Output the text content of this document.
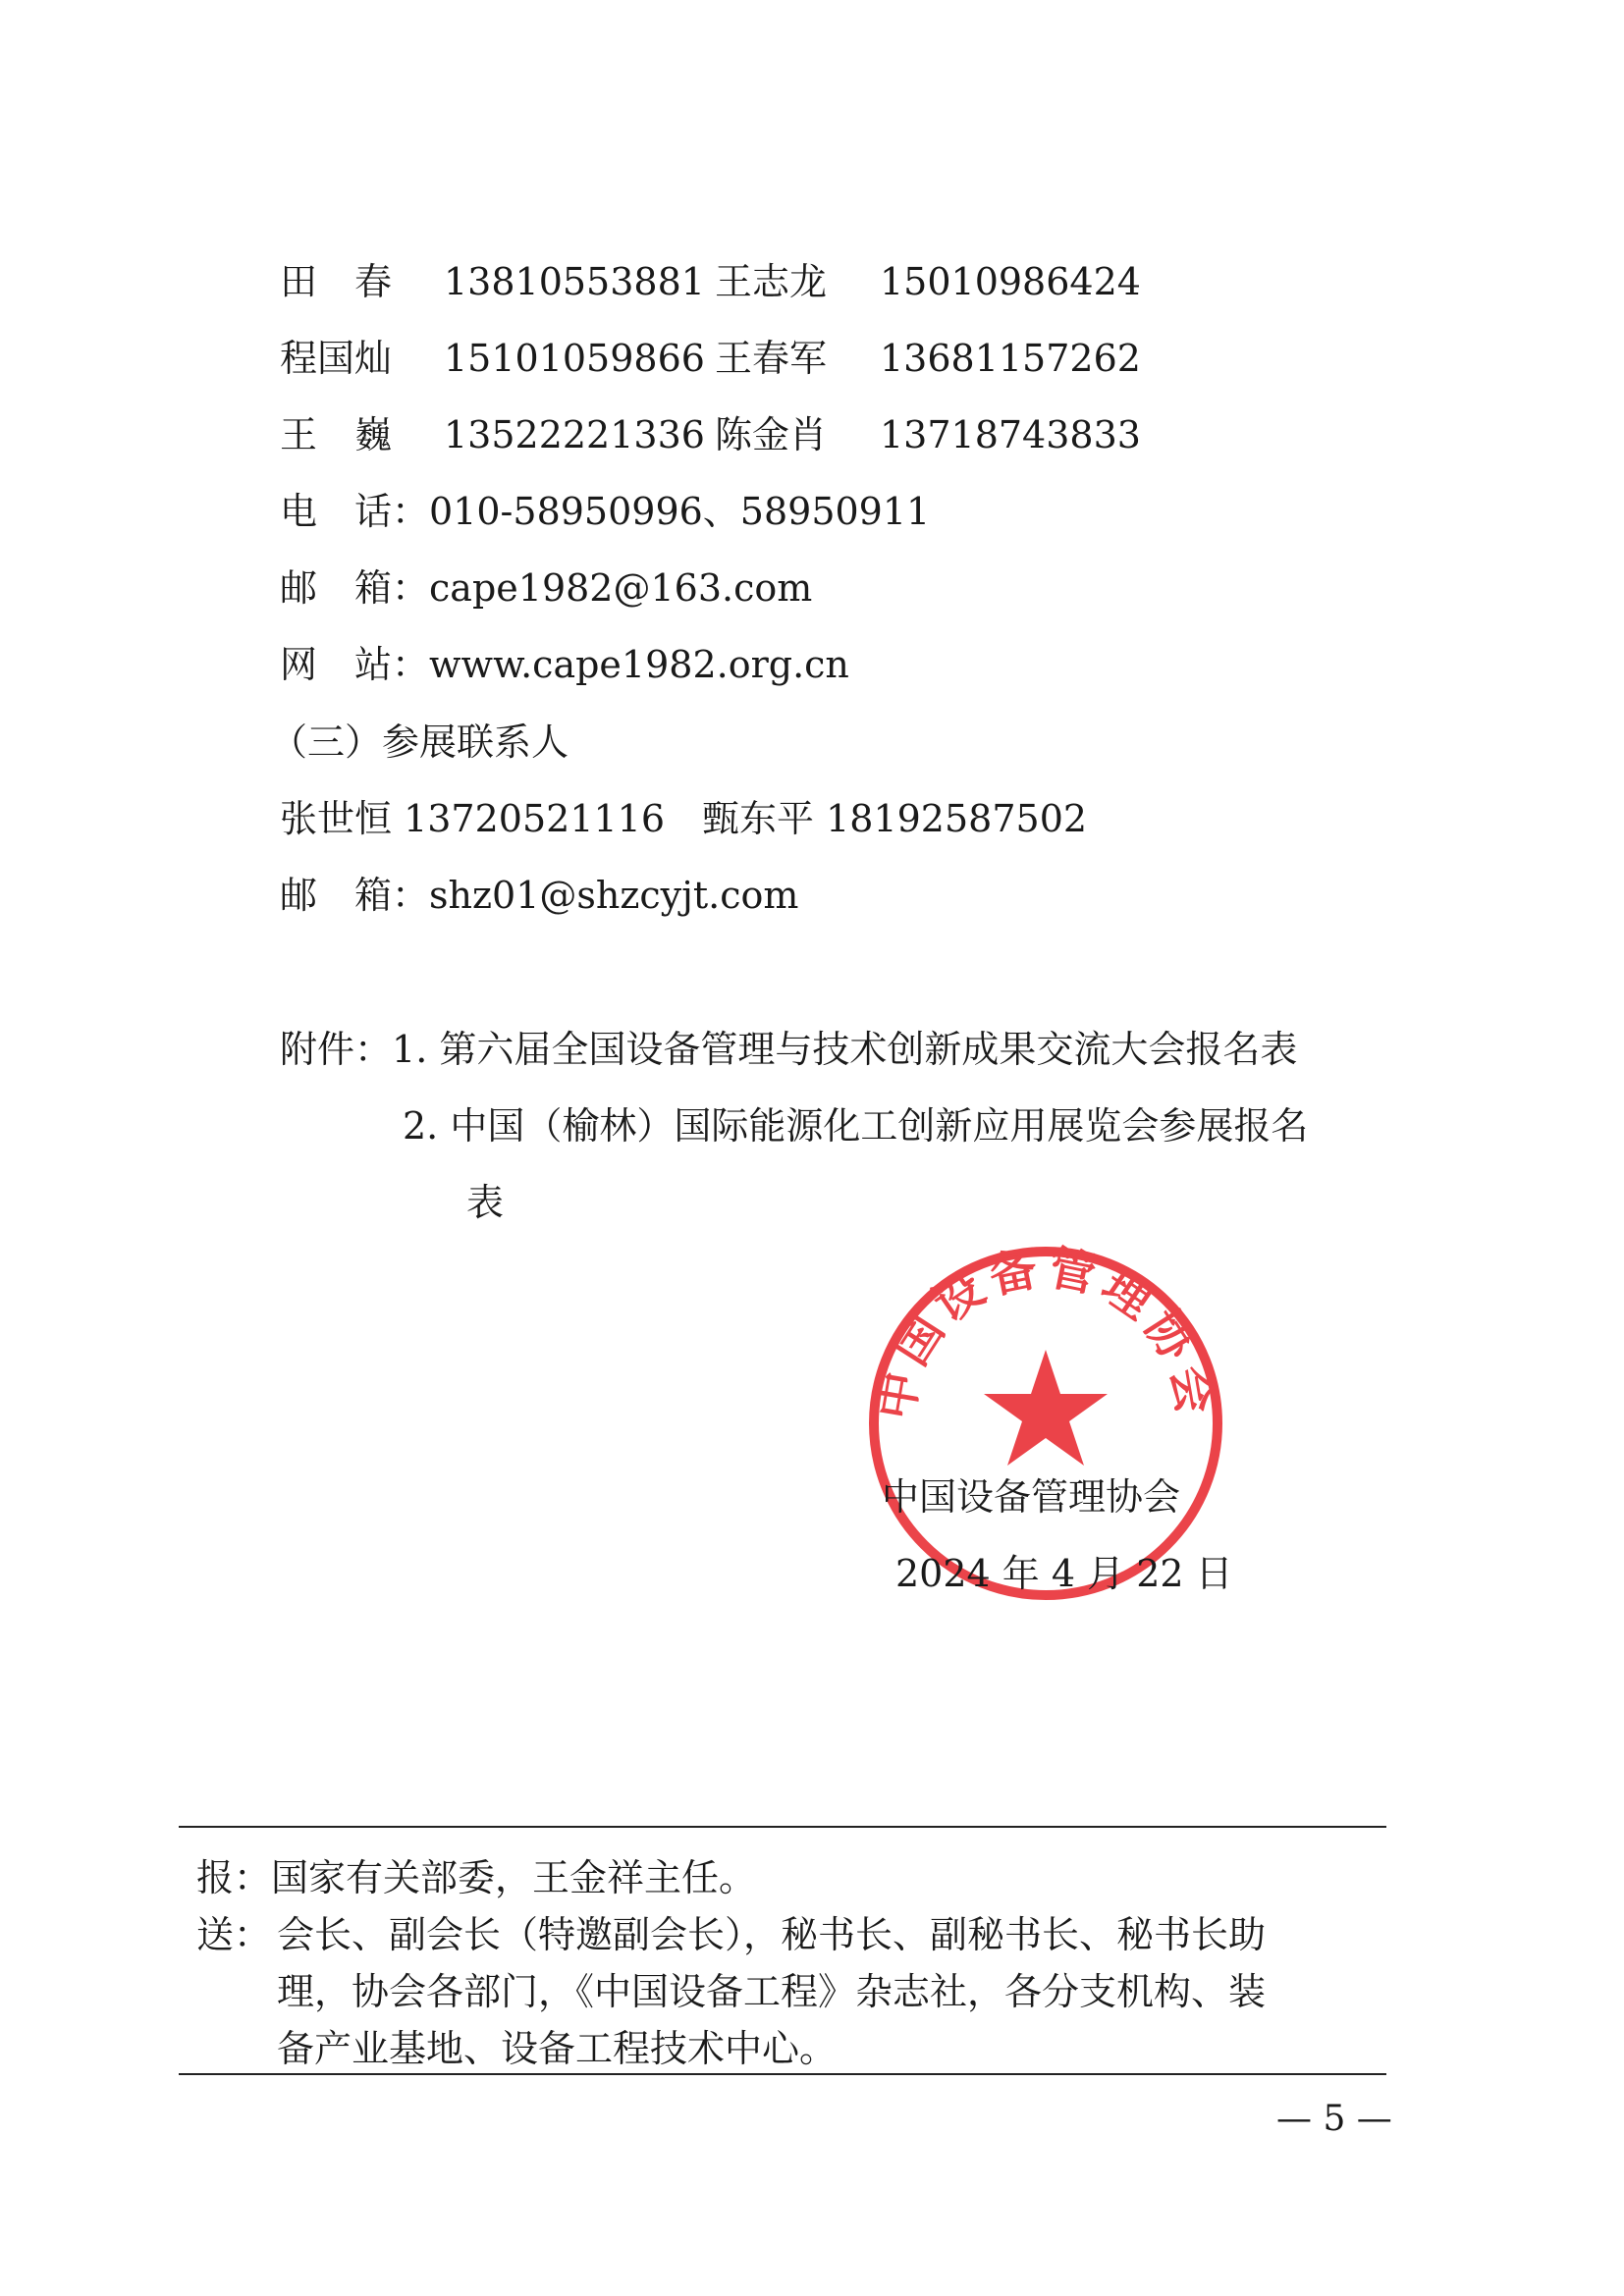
田　春 13810553881 王志龙 15010986424
程国灿 15101059866 王春军 13681157262
王　巍 13522221336 陈金肖 13718743833
电　话：010-58950996、58950911
邮　箱：cape1982@163.com
网　站：www.cape1982.org.cn
（三）参展联系人
张世恒 13720521116　甄东平 18192587502
邮　箱：shz01@shzcyjt.com
附件：1. 第六届全国设备管理与技术创新成果交流大会报名表
2. 中国（榆林）国际能源化工创新应用展览会参展报名
表
中国设备管理协会
中国设备管理协会
2024 年 4 月 22 日
报：国家有关部委，王金祥主任。
送： 会长、副会长（特邀副会长），秘书长、副秘书长、秘书长助
理，协会各部门，《中国设备工程》杂志社，各分支机构、装
备产业基地、设备工程技术中心。
— 5 —
